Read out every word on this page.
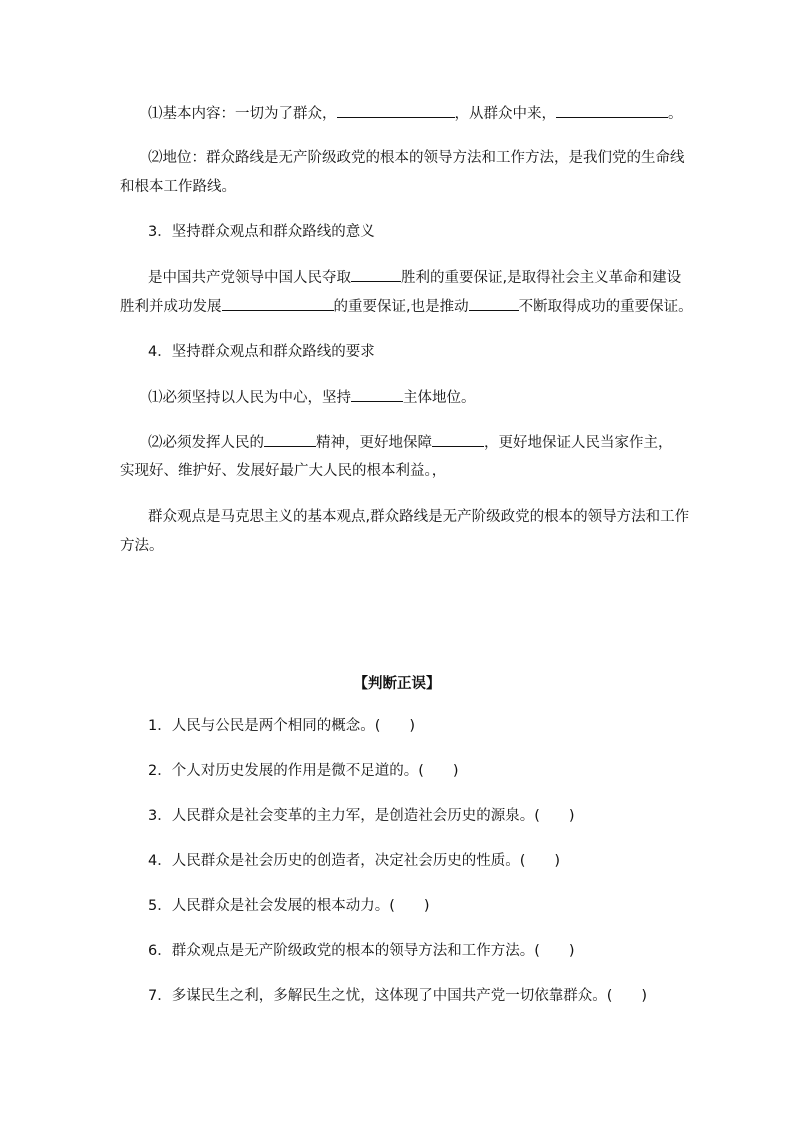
⑴基本内容：一切为了群众，	，从群众中来，	。
⑵地位：群众路线是无产阶级政党的根本的领导方法和工作方法，是我们党的生命线
和根本工作路线。
3．坚持群众观点和群众路线的意义
是中国共产党领导中国人民夺取	胜利的重要保证,是取得社会主义革命和建设
胜利并成功发展	的重要保证,也是推动	不断取得成功的重要保证。
4．坚持群众观点和群众路线的要求
⑴必须坚持以人民为中心，坚持	主体地位。
⑵必须发挥人民的	精神，更好地保障	，更好地保证人民当家作主，
实现好、维护好、发展好最广大人民的根本利益。，
群众观点是马克思主义的基本观点,群众路线是无产阶级政党的根本的领导方法和工作
方法。
【判断正误】
1．人民与公民是两个相同的概念。(　　)
2．个人对历史发展的作用是微不足道的。(　　)
3．人民群众是社会变革的主力军，是创造社会历史的源泉。(　　)
4．人民群众是社会历史的创造者，决定社会历史的性质。(　　)
5．人民群众是社会发展的根本动力。(　　)
6．群众观点是无产阶级政党的根本的领导方法和工作方法。(　　)
7．多谋民生之利，多解民生之忧，这体现了中国共产党一切依靠群众。(　　)
